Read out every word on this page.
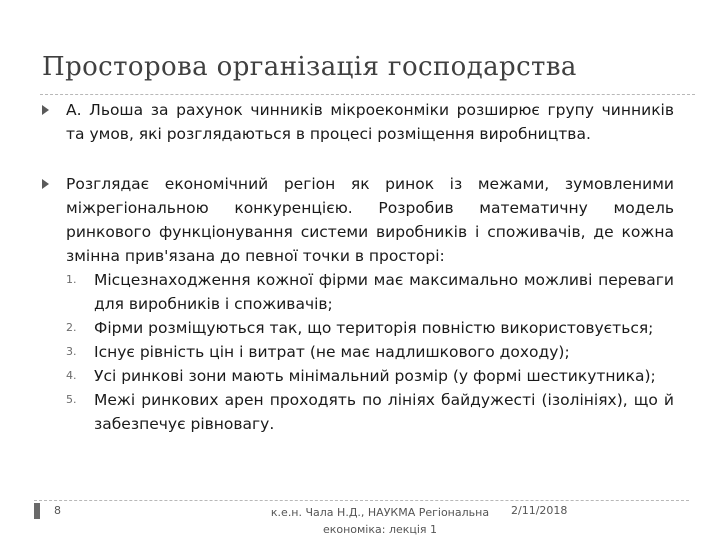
Просторова організація господарства
А. Льоша за рахунок чинників мікроеконміки розширює групу чинників та умов, які розглядаються в процесі розміщення виробництва.
Розглядає економічний регіон як ринок із межами, зумовленими міжрегіональною конкуренцією. Розробив математичну модель ринкового функціонування системи виробників і споживачів, де кожна змінна прив'язана до певної точки в просторі:
1.	Місцезнаходження кожної фірми має максимально можливі переваги для виробників і споживачів;
2.	Фірми розміщуються так, що територія повністю використовується;
3.	Існує рівність цін і витрат (не має надлишкового доходу);
4.	Усі ринкові зони мають мінімальний розмір (у формі шестикутника);
5.	Межі ринкових арен проходять по лініях байдужесті (ізолініях), що й забезпечує рівновагу.
8	к.е.н. Чала Н.Д., НАУКМА Регіональна економіка: лекція 1
2/11/2018
